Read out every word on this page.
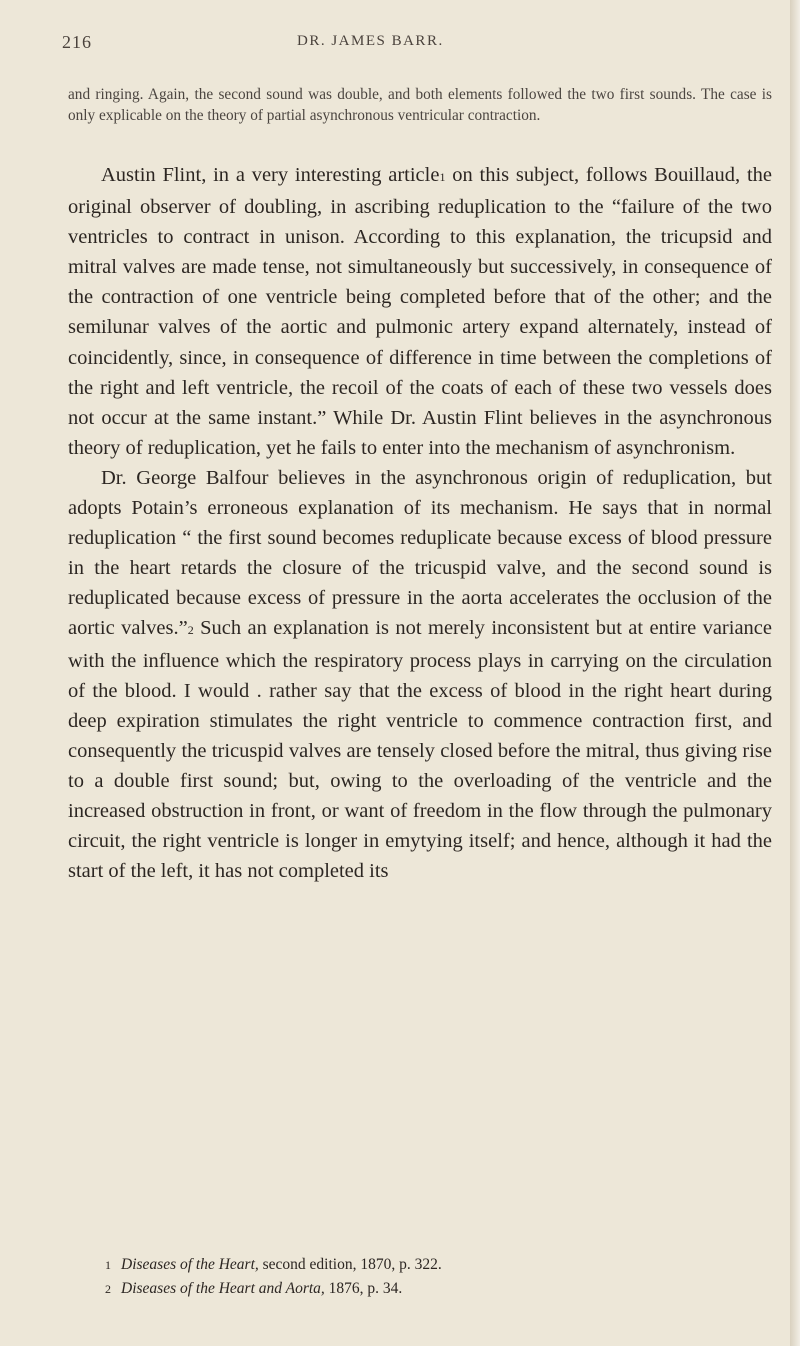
216	DR. JAMES BARR.
and ringing. Again, the second sound was double, and both elements followed the two first sounds. The case is only explicable on the theory of partial asynchronous ventricular contraction.

Austin Flint, in a very interesting article1 on this subject, follows Bouillaud, the original observer of doubling, in ascribing reduplication to the “failure of the two ventricles to contract in unison. According to this explanation, the tricupsid and mitral valves are made tense, not simultaneously but successively, in consequence of the contraction of one ventricle being completed before that of the other; and the semilunar valves of the aortic and pulmonic artery expand alternately, instead of coincidently, since, in consequence of difference in time between the completions of the right and left ventricle, the recoil of the coats of each of these two vessels does not occur at the same instant.” While Dr. Austin Flint believes in the asynchronous theory of reduplication, yet he fails to enter into the mechanism of asynchronism.

Dr. George Balfour believes in the asynchronous origin of reduplication, but adopts Potain’s erroneous explanation of its mechanism. He says that in normal reduplication “ the first sound becomes reduplicate because excess of blood pressure in the heart retards the closure of the tricuspid valve, and the second sound is reduplicated because excess of pressure in the aorta accelerates the occlusion of the aortic valves.”2 Such an explanation is not merely inconsistent but at entire variance with the influence which the respiratory process plays in carrying on the circulation of the blood. I would . rather say that the excess of blood in the right heart during deep expiration stimulates the right ventricle to commence contraction first, and consequently the tricuspid valves are tensely closed before the mitral, thus giving rise to a double first sound; but, owing to the overloading of the ventricle and the increased obstruction in front, or want of freedom in the flow through the pulmonary circuit, the right ventricle is longer in emytying itself; and hence, although it had the start of the left, it has not completed its

1 Diseases of the Heart, second edition, 1870, p. 322.
2 Diseases of the Heart and Aorta, 1876, p. 34.
